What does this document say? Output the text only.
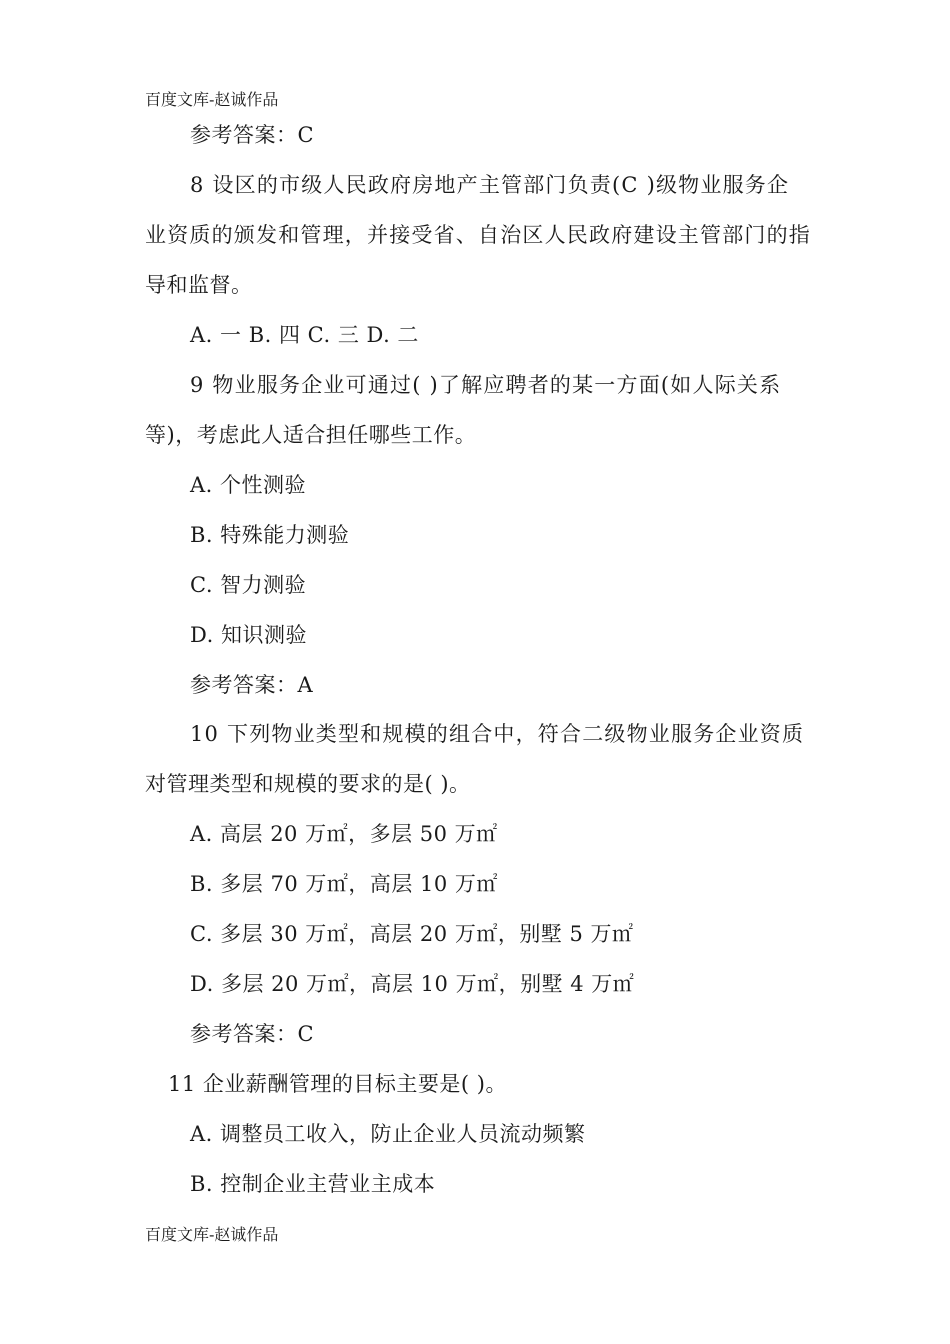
百度文库-赵诚作品
参考答案：C
8 设区的市级人民政府房地产主管部门负责(C )级物业服务企
业资质的颁发和管理，并接受省、自治区人民政府建设主管部门的指
导和监督。
A. 一 B. 四 C. 三 D. 二
9 物业服务企业可通过( )了解应聘者的某一方面(如人际关系
等)，考虑此人适合担任哪些工作。
A. 个性测验
B. 特殊能力测验
C. 智力测验
D. 知识测验
参考答案：A
10 下列物业类型和规模的组合中，符合二级物业服务企业资质
对管理类型和规模的要求的是( )。
A. 高层 20 万㎡，多层 50 万㎡
B. 多层 70 万㎡，高层 10 万㎡
C. 多层 30 万㎡，高层 20 万㎡，别墅 5 万㎡
D. 多层 20 万㎡，高层 10 万㎡，别墅 4 万㎡
参考答案：C
11 企业薪酬管理的目标主要是( )。
A. 调整员工收入，防止企业人员流动频繁
B. 控制企业主营业主成本
百度文库-赵诚作品
